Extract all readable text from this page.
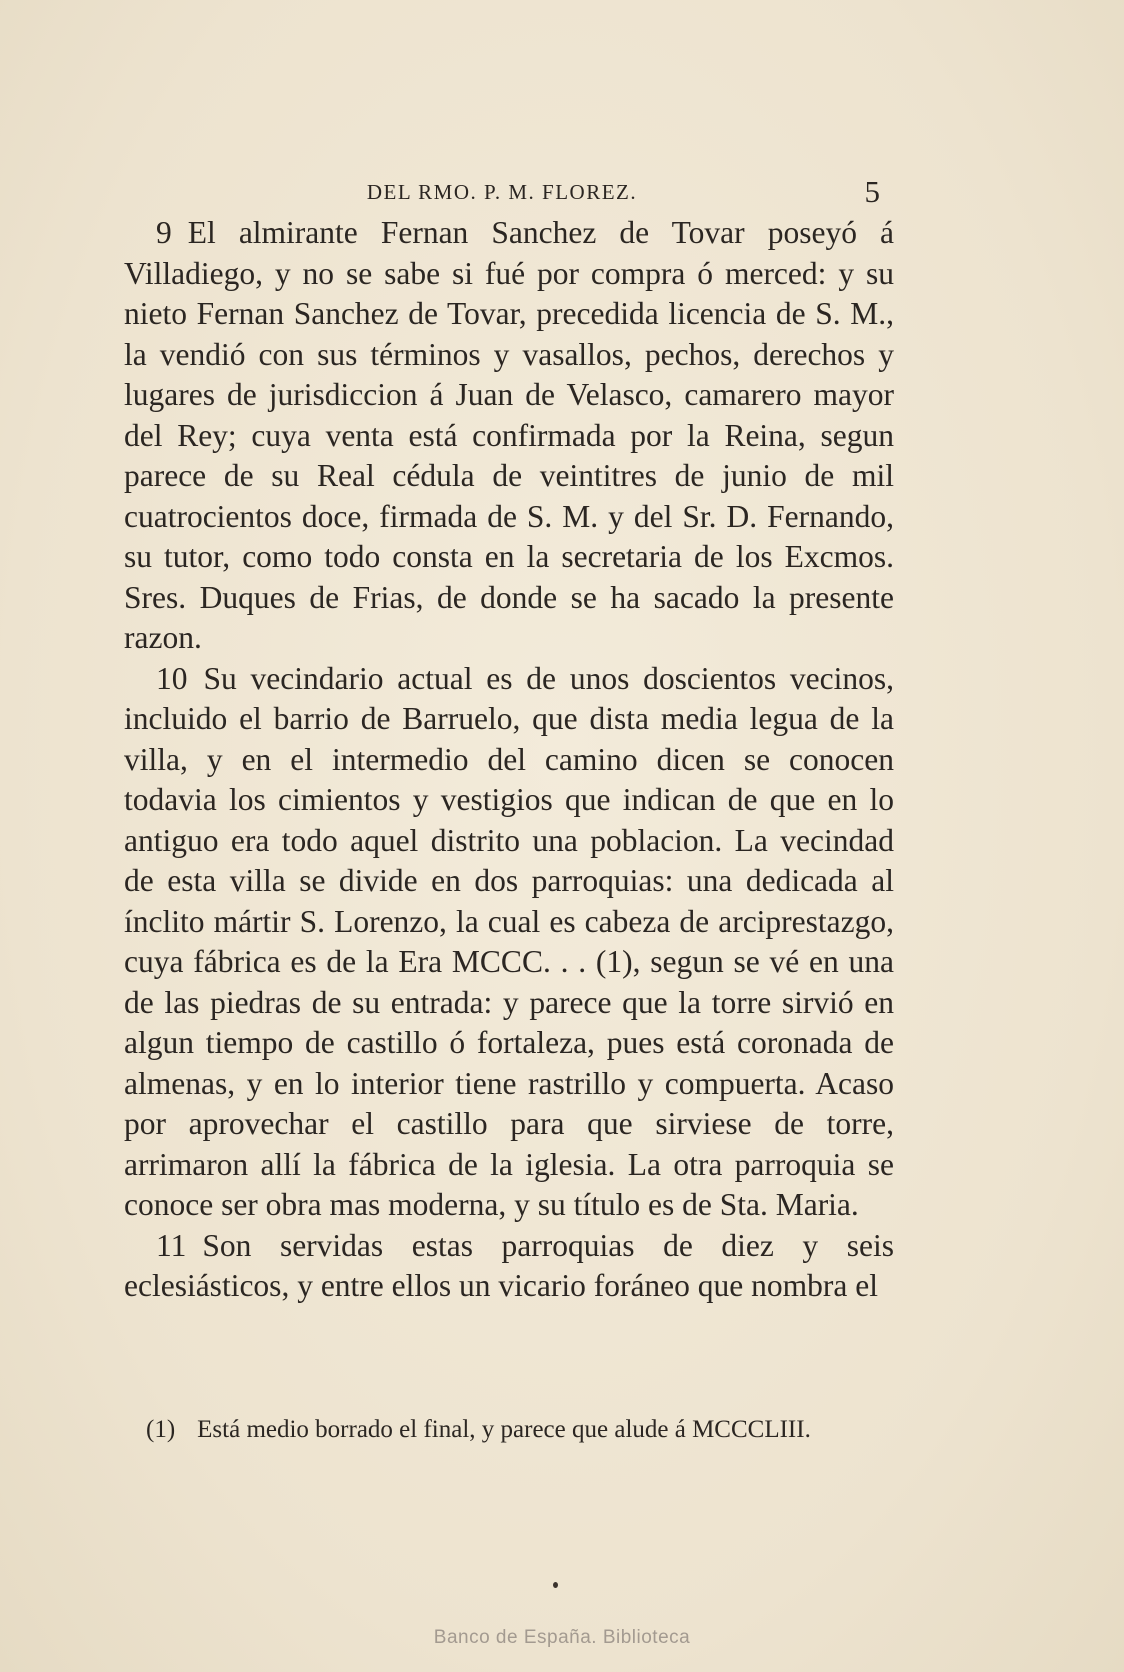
DEL RMO. P. M. FLOREZ.	5

9 El almirante Fernan Sanchez de Tovar poseyó á Villadiego, y no se sabe si fué por compra ó merced: y su nieto Fernan Sanchez de Tovar, precedida licencia de S. M., la vendió con sus términos y vasallos, pechos, derechos y lugares de jurisdiccion á Juan de Velasco, camarero mayor del Rey; cuya venta está confirmada por la Reina, segun parece de su Real cédula de veintitres de junio de mil cuatrocientos doce, firmada de S. M. y del Sr. D. Fernando, su tutor, como todo consta en la secretaria de los Excmos. Sres. Duques de Frias, de donde se ha sacado la presente razon.

10 Su vecindario actual es de unos doscientos vecinos, incluido el barrio de Barruelo, que dista media legua de la villa, y en el intermedio del camino dicen se conocen todavia los cimientos y vestigios que indican de que en lo antiguo era todo aquel distrito una poblacion. La vecindad de esta villa se divide en dos parroquias: una dedicada al ínclito mártir S. Lorenzo, la cual es cabeza de arciprestazgo, cuya fábrica es de la Era MCCC. . . (1), segun se vé en una de las piedras de su entrada: y parece que la torre sirvió en algun tiempo de castillo ó fortaleza, pues está coronada de almenas, y en lo interior tiene rastrillo y compuerta. Acaso por aprovechar el castillo para que sirviese de torre, arrimaron allí la fábrica de la iglesia. La otra parroquia se conoce ser obra mas moderna, y su título es de Sta. Maria.

11 Son servidas estas parroquias de diez y seis eclesiásticos, y entre ellos un vicario foráneo que nombra el

(1) Está medio borrado el final, y parece que alude á MCCCLIII.
Banco de España. Biblioteca
